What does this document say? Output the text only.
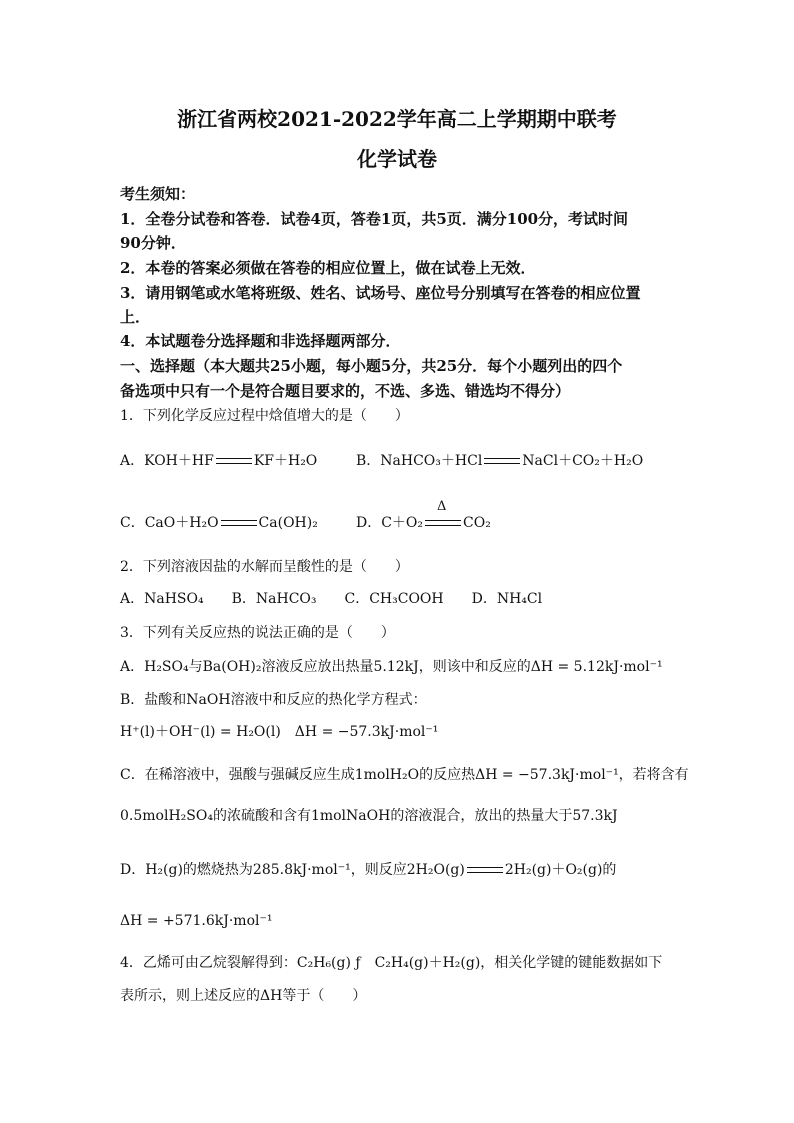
浙江省两校2021-2022学年高二上学期期中联考
化学试卷
考生须知：
1．全卷分试卷和答卷．试卷4页，答卷1页，共5页．满分100分，考试时间
90分钟．
2．本卷的答案必须做在答卷的相应位置上，做在试卷上无效．
3．请用钢笔或水笔将班级、姓名、试场号、座位号分别填写在答卷的相应位置
上．
4．本试题卷分选择题和非选择题两部分．
一、选择题（本大题共25小题，每小题5分，共25分．每个小题列出的四个
备选项中只有一个是符合题目要求的，不选、多选、错选均不得分）
1．下列化学反应过程中焓值增大的是（　　）
A．KOH＋HF	KF＋H₂O	B．NaHCO₃＋HCl	NaCl＋CO₂＋H₂O
C．CaO＋H₂O	Ca(OH)₂	D．C＋O₂
Δ
CO₂
2．下列溶液因盐的水解而呈酸性的是（　　）
A．NaHSO₄　　B．NaHCO₃　　C．CH₃COOH　　D．NH₄Cl
3．下列有关反应热的说法正确的是（　　）
A．H₂SO₄与Ba(OH)₂溶液反应放出热量5.12kJ，则该中和反应的ΔH = 5.12kJ·mol⁻¹
B．盐酸和NaOH溶液中和反应的热化学方程式：
H⁺(l)＋OH⁻(l) = H₂O(l)　ΔH = −57.3kJ·mol⁻¹
C．在稀溶液中，强酸与强碱反应生成1molH₂O的反应热ΔH = −57.3kJ·mol⁻¹，若将含有
0.5molH₂SO₄的浓硫酸和含有1molNaOH的溶液混合，放出的热量大于57.3kJ
D．H₂(g)的燃烧热为285.8kJ·mol⁻¹，则反应2H₂O(g)	2H₂(g)＋O₂(g)的
ΔH = +571.6kJ·mol⁻¹
4．乙烯可由乙烷裂解得到：C₂H₆(g) ƒ　C₂H₄(g)＋H₂(g)，相关化学键的键能数据如下
表所示，则上述反应的ΔH等于（　　）
